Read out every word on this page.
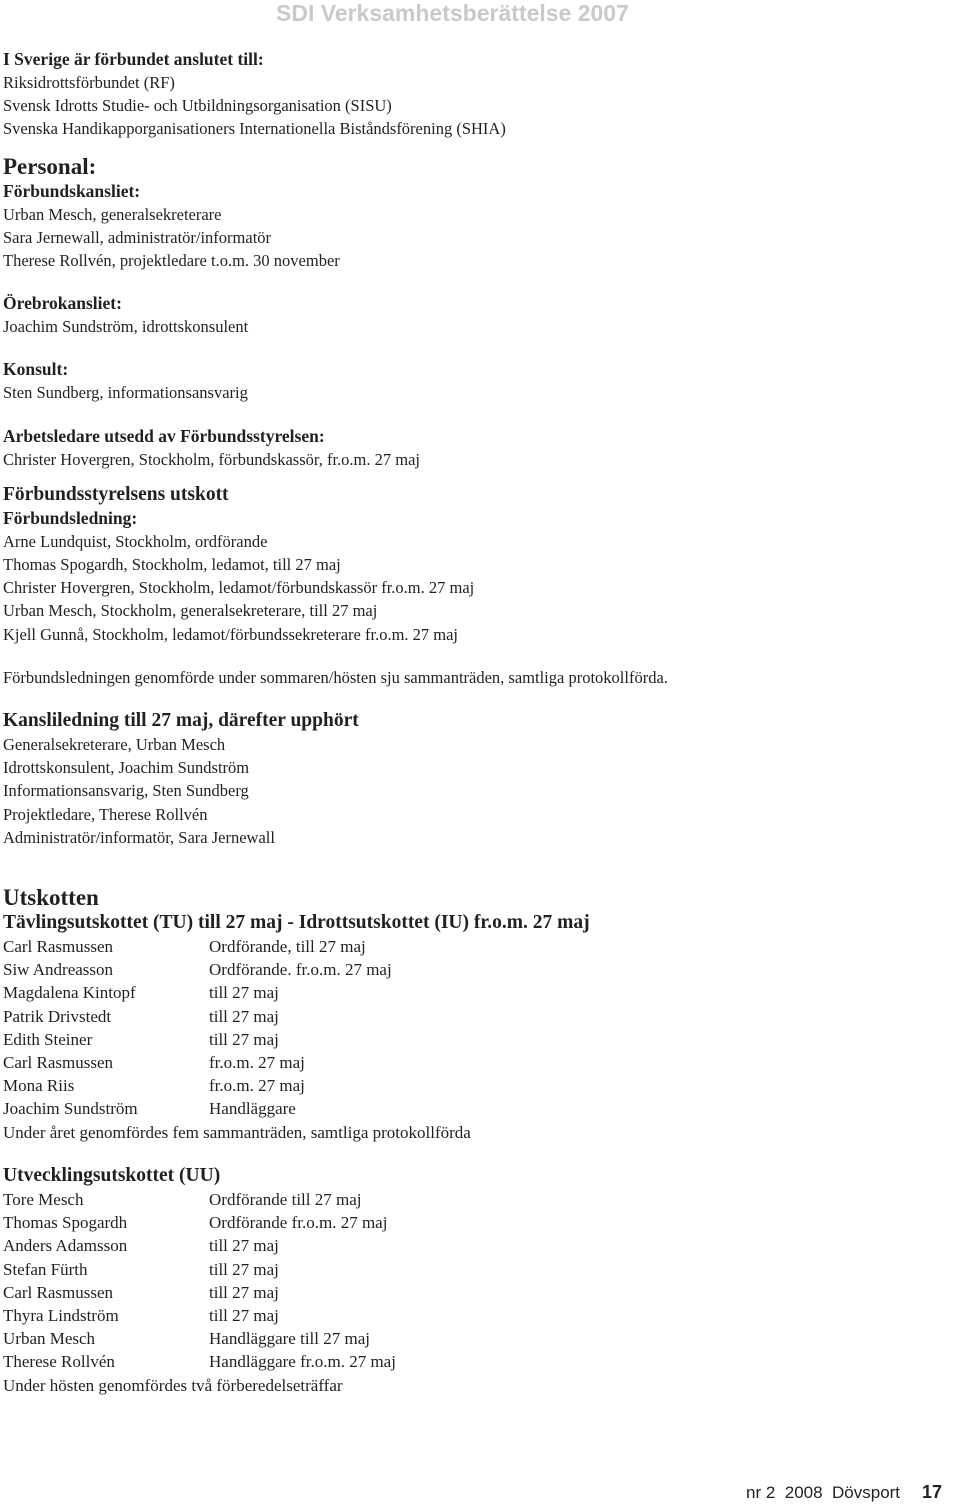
SDI Verksamhetsberättelse 2007
I Sverige är förbundet anslutet till:
Riksidrottsförbundet (RF)
Svensk Idrotts Studie- och Utbildningsorganisation (SISU)
Svenska Handikapporganisationers Internationella Biståndsförening (SHIA)
Personal:
Förbundskansliet:
Urban Mesch, generalsekreterare
Sara Jernewall, administratör/informatör
Therese Rollvén, projektledare t.o.m. 30 november
Örebrokansliet:
Joachim Sundström, idrottskonsulent
Konsult:
Sten Sundberg, informationsansvarig
Arbetsledare utsedd av Förbundsstyrelsen:
Christer Hovergren, Stockholm, förbundskassör, fr.o.m. 27 maj
Förbundsstyrelsens utskott
Förbundsledning:
Arne Lundquist, Stockholm, ordförande
Thomas Spogardh, Stockholm, ledamot, till 27 maj
Christer Hovergren, Stockholm, ledamot/förbundskassör fr.o.m. 27 maj
Urban Mesch, Stockholm, generalsekreterare, till 27 maj
Kjell Gunnå, Stockholm, ledamot/förbundssekreterare fr.o.m. 27 maj
Förbundsledningen genomförde under sommaren/hösten sju sammanträden, samtliga protokollförda.
Kansliledning till 27 maj, därefter upphört
Generalsekreterare, Urban Mesch
Idrottskonsulent, Joachim Sundström
Informationsansvarig, Sten Sundberg
Projektledare, Therese Rollvén
Administratör/informatör, Sara Jernewall
Utskotten
Tävlingsutskottet (TU) till 27 maj - Idrottsutskottet (IU) fr.o.m. 27 maj
Carl Rasmussen	Ordförande, till 27 maj
Siw Andreasson	Ordförande. fr.o.m. 27 maj
Magdalena Kintopf	till 27 maj
Patrik Drivstedt	till 27 maj
Edith Steiner	till 27 maj
Carl Rasmussen	fr.o.m. 27 maj
Mona Riis	fr.o.m. 27 maj
Joachim Sundström	Handläggare
Under året genomfördes fem sammanträden, samtliga protokollförda
Utvecklingsutskottet (UU)
Tore Mesch	Ordförande till 27 maj
Thomas Spogardh	Ordförande fr.o.m. 27 maj
Anders Adamsson	till 27 maj
Stefan Fürth	till 27 maj
Carl Rasmussen	till 27 maj
Thyra Lindström	till 27 maj
Urban Mesch	Handläggare till 27 maj
Therese Rollvén	Handläggare fr.o.m. 27 maj
Under hösten genomfördes två förberedelseträffar
nr 2  2008  Dövsport 17
